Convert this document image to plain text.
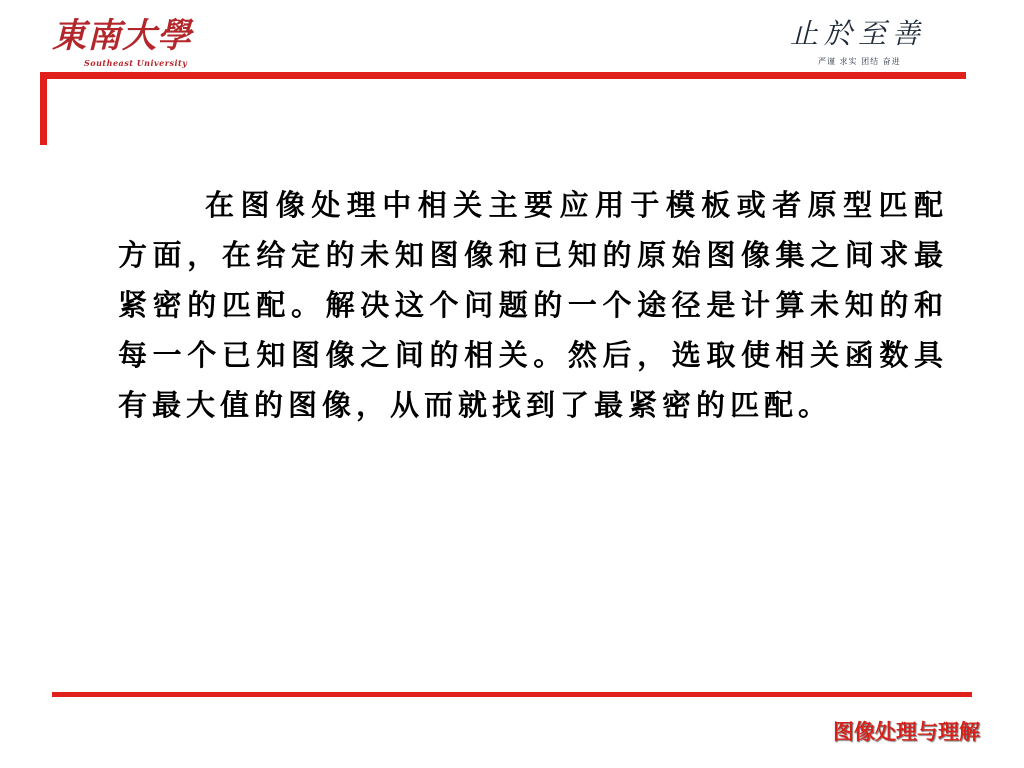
東南大學
Southeast University
止於至善
严谨 求实 团结 奋进
在图像处理中相关主要应用于模板或者原型匹配方面，在给定的未知图像和已知的原始图像集之间求最紧密的匹配。解决这个问题的一个途径是计算未知的和每一个已知图像之间的相关。然后，选取使相关函数具有最大值的图像，从而就找到了最紧密的匹配。
图像处理与理解
